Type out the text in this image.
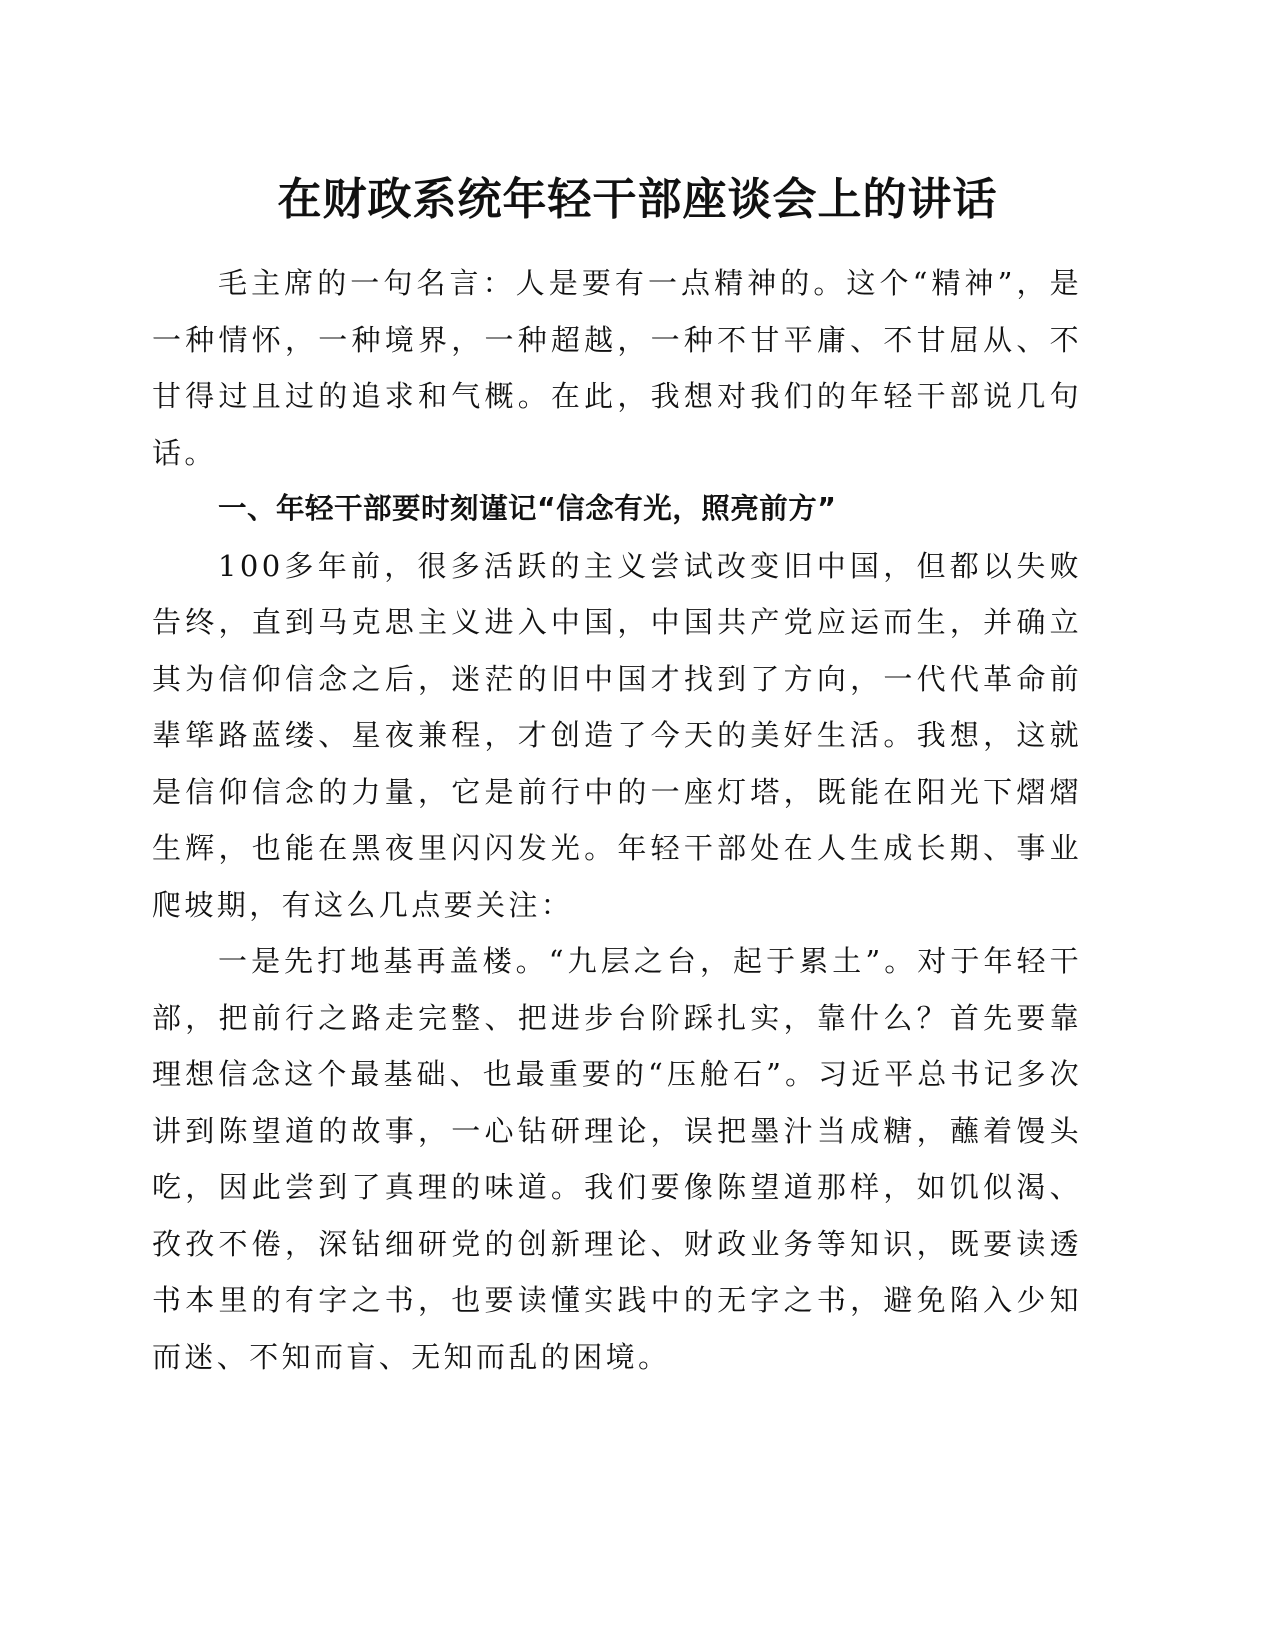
在财政系统年轻干部座谈会上的讲话

毛主席的一句名言：人是要有一点精神的。这个“精神”，是一种情怀，一种境界，一种超越，一种不甘平庸、不甘屈从、不甘得过且过的追求和气概。在此，我想对我们的年轻干部说几句话。

一、年轻干部要时刻谨记“信念有光，照亮前方”

100多年前，很多活跃的主义尝试改变旧中国，但都以失败告终，直到马克思主义进入中国，中国共产党应运而生，并确立其为信仰信念之后，迷茫的旧中国才找到了方向，一代代革命前辈筚路蓝缕、星夜兼程，才创造了今天的美好生活。我想，这就是信仰信念的力量，它是前行中的一座灯塔，既能在阳光下熠熠生辉，也能在黑夜里闪闪发光。年轻干部处在人生成长期、事业爬坡期，有这么几点要关注：

一是先打地基再盖楼。“九层之台，起于累土”。对于年轻干部，把前行之路走完整、把进步台阶踩扎实，靠什么？首先要靠理想信念这个最基础、也最重要的“压舱石”。习近平总书记多次讲到陈望道的故事，一心钻研理论，误把墨汁当成糖，蘸着馒头吃，因此尝到了真理的味道。我们要像陈望道那样，如饥似渴、孜孜不倦，深钻细研党的创新理论、财政业务等知识，既要读透书本里的有字之书，也要读懂实践中的无字之书，避免陷入少知而迷、不知而盲、无知而乱的困境。
